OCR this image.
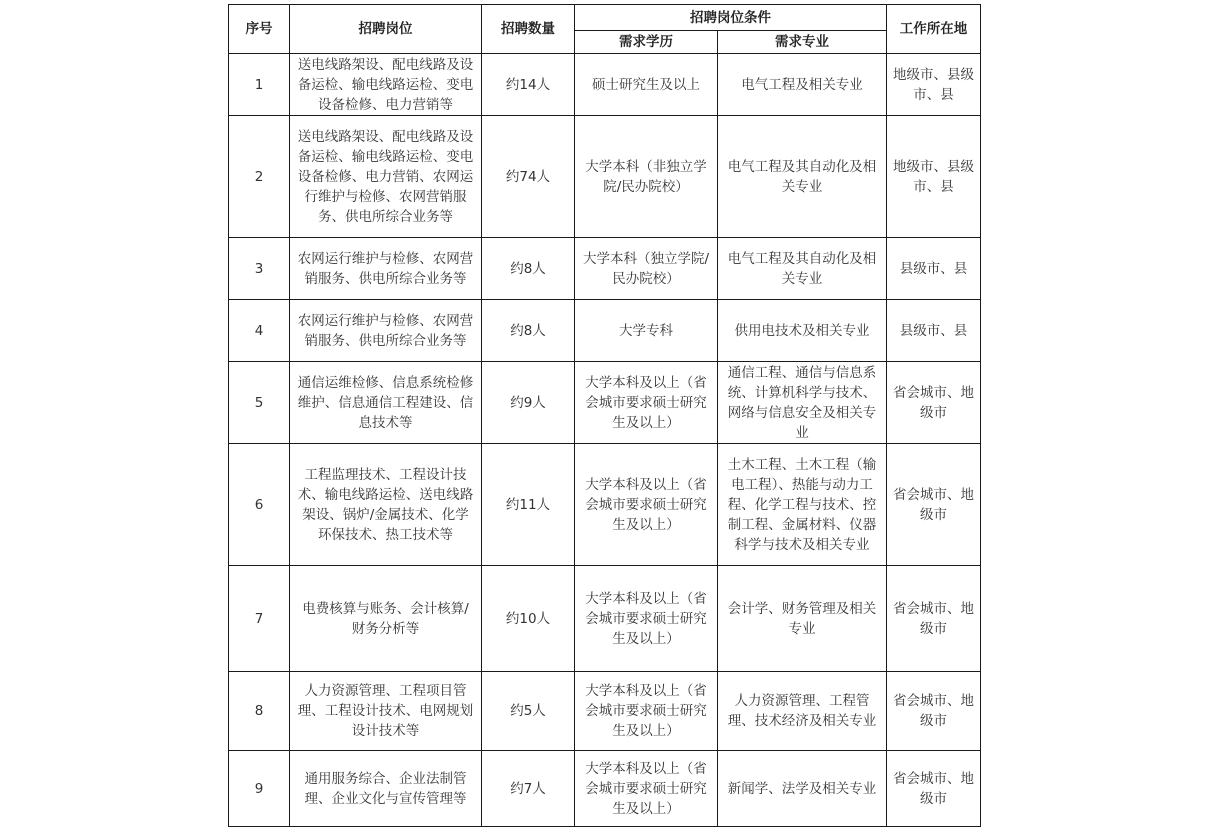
序号	招聘岗位	招聘数量	招聘岗位条件		工作所在地
			需求学历	需求专业	
1	送电线路架设、配电线路及设备运检、输电线路运检、变电设备检修、电力营销等	约14人	硕士研究生及以上	电气工程及相关专业	地级市、县级市、县
2	送电线路架设、配电线路及设备运检、输电线路运检、变电设备检修、电力营销、农网运行维护与检修、农网营销服务、供电所综合业务等	约74人	大学本科（非独立学院/民办院校）	电气工程及其自动化及相关专业	地级市、县级市、县
3	农网运行维护与检修、农网营销服务、供电所综合业务等	约8人	大学本科（独立学院/民办院校）	电气工程及其自动化及相关专业	县级市、县
4	农网运行维护与检修、农网营销服务、供电所综合业务等	约8人	大学专科	供用电技术及相关专业	县级市、县
5	通信运维检修、信息系统检修维护、信息通信工程建设、信息技术等	约9人	大学本科及以上（省会城市要求硕士研究生及以上）	通信工程、通信与信息系统、计算机科学与技术、网络与信息安全及相关专业	省会城市、地级市
6	工程监理技术、工程设计技术、输电线路运检、送电线路架设、锅炉/金属技术、化学环保技术、热工技术等	约11人	大学本科及以上（省会城市要求硕士研究生及以上）	土木工程、土木工程（输电工程）、热能与动力工程、化学工程与技术、控制工程、金属材料、仪器科学与技术及相关专业	省会城市、地级市
7	电费核算与账务、会计核算/财务分析等	约10人	大学本科及以上（省会城市要求硕士研究生及以上）	会计学、财务管理及相关专业	省会城市、地级市
8	人力资源管理、工程项目管理、工程设计技术、电网规划设计技术等	约5人	大学本科及以上（省会城市要求硕士研究生及以上）	人力资源管理、工程管理、技术经济及相关专业	省会城市、地级市
9	通用服务综合、企业法制管理、企业文化与宣传管理等	约7人	大学本科及以上（省会城市要求硕士研究生及以上）	新闻学、法学及相关专业	省会城市、地级市
